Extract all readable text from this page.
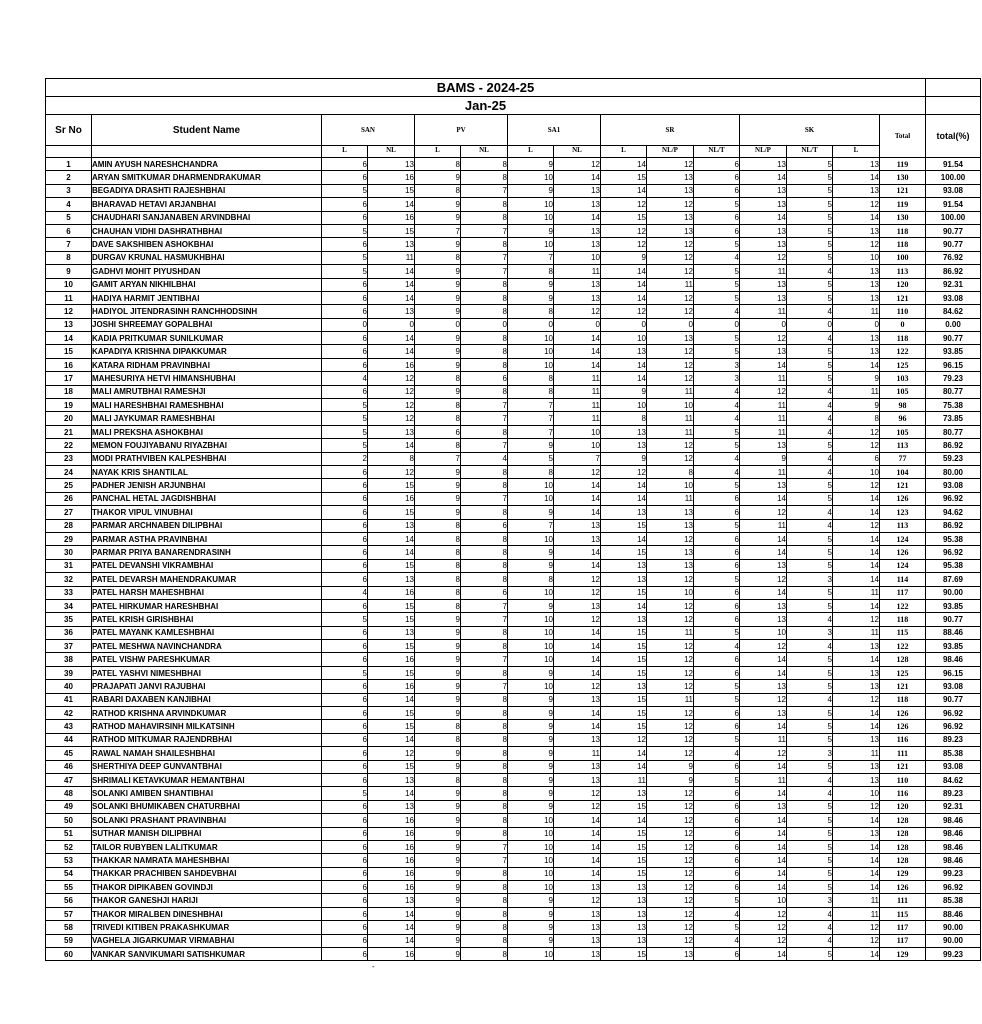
BAMS - 2024-25															
Jan-25															
Sr No	Student Name	SAN		PV		SA1		SR			SK			Total	total(%)
		L	NL	L	NL	L	NL	L	NL/P	NL/T	NL/P	NL/T	L		
1	AMIN AYUSH NARESHCHANDRA	6	13	8	8	9	12	14	12	6	13	5	13	119	91.54
2	ARYAN SMITKUMAR DHARMENDRAKUMAR	6	16	9	8	10	14	15	13	6	14	5	14	130	100.00
3	BEGADIYA DRASHTI RAJESHBHAI	5	15	8	7	9	13	14	13	6	13	5	13	121	93.08
4	BHARAVAD HETAVI ARJANBHAI	6	14	9	8	10	13	12	12	5	13	5	12	119	91.54
5	CHAUDHARI SANJANABEN ARVINDBHAI	6	16	9	8	10	14	15	13	6	14	5	14	130	100.00
6	CHAUHAN VIDHI DASHRATHBHAI	5	15	7	7	9	13	12	13	6	13	5	13	118	90.77
7	DAVE SAKSHIBEN ASHOKBHAI	6	13	9	8	10	13	12	12	5	13	5	12	118	90.77
8	DURGAV KRUNAL HASMUKHBHAI	5	11	8	7	7	10	9	12	4	12	5	10	100	76.92
9	GADHVI MOHIT PIYUSHDAN	5	14	9	7	8	11	14	12	5	11	4	13	113	86.92
10	GAMIT ARYAN NIKHILBHAI	6	14	9	8	9	13	14	11	5	13	5	13	120	92.31
11	HADIYA HARMIT JENTIBHAI	6	14	9	8	9	13	14	12	5	13	5	13	121	93.08
12	HADIYOL JITENDRASINH RANCHHODSINH	6	13	9	8	8	12	12	12	4	11	4	11	110	84.62
13	JOSHI SHREEMAY GOPALBHAI	0	0	0	0	0	0	0	0	0	0	0	0	0	0.00
14	KADIA PRITKUMAR SUNILKUMAR	6	14	9	8	10	14	10	13	5	12	4	13	118	90.77
15	KAPADIYA KRISHNA DIPAKKUMAR	6	14	9	8	10	14	13	12	5	13	5	13	122	93.85
16	KATARA RIDHAM PRAVINBHAI	6	16	9	8	10	14	14	12	3	14	5	14	125	96.15
17	MAHESURIYA HETVI HIMANSHUBHAI	4	12	8	6	8	11	14	12	3	11	5	9	103	79.23
18	MALI AMRUTBHAI RAMESHJI	6	12	9	8	8	11	9	11	4	12	4	11	105	80.77
19	MALI HARESHBHAI RAMESHBHAI	5	12	8	7	7	11	10	10	4	11	4	9	98	75.38
20	MALI JAYKUMAR RAMESHBHAI	5	12	8	7	7	11	8	11	4	11	4	8	96	73.85
21	MALI PREKSHA ASHOKBHAI	5	13	6	8	7	10	13	11	5	11	4	12	105	80.77
22	MEMON FOUJIYABANU RIYAZBHAI	5	14	8	7	9	10	13	12	5	13	5	12	113	86.92
23	MODI PRATHVIBEN KALPESHBHAI	2	8	7	4	5	7	9	12	4	9	4	6	77	59.23
24	NAYAK KRIS SHANTILAL	6	12	9	8	8	12	12	8	4	11	4	10	104	80.00
25	PADHER JENISH ARJUNBHAI	6	15	9	8	10	14	14	10	5	13	5	12	121	93.08
26	PANCHAL HETAL JAGDISHBHAI	6	16	9	7	10	14	14	11	6	14	5	14	126	96.92
27	THAKOR VIPUL VINUBHAI	6	15	9	8	9	14	13	13	6	12	4	14	123	94.62
28	PARMAR ARCHNABEN DILIPBHAI	6	13	8	6	7	13	15	13	5	11	4	12	113	86.92
29	PARMAR ASTHA PRAVINBHAI	6	14	8	8	10	13	14	12	6	14	5	14	124	95.38
30	PARMAR PRIYA BANARENDRASINH	6	14	8	8	9	14	15	13	6	14	5	14	126	96.92
31	PATEL DEVANSHI VIKRAMBHAI	6	15	8	8	9	14	13	13	6	13	5	14	124	95.38
32	PATEL DEVARSH MAHENDRAKUMAR	6	13	8	8	8	12	13	12	5	12	3	14	114	87.69
33	PATEL HARSH MAHESHBHAI	4	16	8	6	10	12	15	10	6	14	5	11	117	90.00
34	PATEL HIRKUMAR HARESHBHAI	6	15	8	7	9	13	14	12	6	13	5	14	122	93.85
35	PATEL KRISH GIRISHBHAI	5	15	9	7	10	12	13	12	6	13	4	12	118	90.77
36	PATEL MAYANK KAMLESHBHAI	6	13	9	8	10	14	15	11	5	10	3	11	115	88.46
37	PATEL MESHWA NAVINCHANDRA	6	15	9	8	10	14	15	12	4	12	4	13	122	93.85
38	PATEL VISHW PARESHKUMAR	6	16	9	7	10	14	15	12	6	14	5	14	128	98.46
39	PATEL YASHVI NIMESHBHAI	5	15	9	8	9	14	15	12	6	14	5	13	125	96.15
40	PRAJAPATI JANVI RAJUBHAI	6	16	9	7	10	12	13	12	5	13	5	13	121	93.08
41	RABARI DAXABEN KANJIBHAI	6	14	9	8	9	13	15	11	5	12	4	12	118	90.77
42	RATHOD KRISHNA ARVINDKUMAR	6	15	9	8	9	14	15	12	6	13	5	14	126	96.92
43	RATHOD MAHAVIRSINH MILKATSINH	6	15	8	8	9	14	15	12	6	14	5	14	126	96.92
44	RATHOD MITKUMAR RAJENDRBHAI	6	14	8	8	9	13	12	12	5	11	5	13	116	89.23
45	RAWAL NAMAH SHAILESHBHAI	6	12	9	8	9	11	14	12	4	12	3	11	111	85.38
46	SHERTHIYA DEEP GUNVANTBHAI	6	15	9	8	9	13	14	9	6	14	5	13	121	93.08
47	SHRIMALI KETAVKUMAR HEMANTBHAI	6	13	8	8	9	13	11	9	5	11	4	13	110	84.62
48	SOLANKI AMIBEN SHANTIBHAI	5	14	9	8	9	12	13	12	6	14	4	10	116	89.23
49	SOLANKI BHUMIKABEN CHATURBHAI	6	13	9	8	9	12	15	12	6	13	5	12	120	92.31
50	SOLANKI PRASHANT PRAVINBHAI	6	16	9	8	10	14	14	12	6	14	5	14	128	98.46
51	SUTHAR MANISH DILIPBHAI	6	16	9	8	10	14	15	12	6	14	5	13	128	98.46
52	TAILOR RUBYBEN LALITKUMAR	6	16	9	7	10	14	15	12	6	14	5	14	128	98.46
53	THAKKAR NAMRATA MAHESHBHAI	6	16	9	7	10	14	15	12	6	14	5	14	128	98.46
54	THAKKAR PRACHIBEN SAHDEVBHAI	6	16	9	8	10	14	15	12	6	14	5	14	129	99.23
55	THAKOR DIPIKABEN GOVINDJI	6	16	9	8	10	13	13	12	6	14	5	14	126	96.92
56	THAKOR GANESHJI HARIJI	6	13	9	8	9	12	13	12	5	10	3	11	111	85.38
57	THAKOR MIRALBEN DINESHBHAI	6	14	9	8	9	13	13	12	4	12	4	11	115	88.46
58	TRIVEDI KITIBEN PRAKASHKUMAR	6	14	9	8	9	13	13	12	5	12	4	12	117	90.00
59	VAGHELA JIGARKUMAR VIRMABHAI	6	14	9	8	9	13	13	12	4	12	4	12	117	90.00
60	VANKAR SANVIKUMARI SATISHKUMAR	6	16	9	8	10	13	15	13	6	14	5	14	129	99.23
-
